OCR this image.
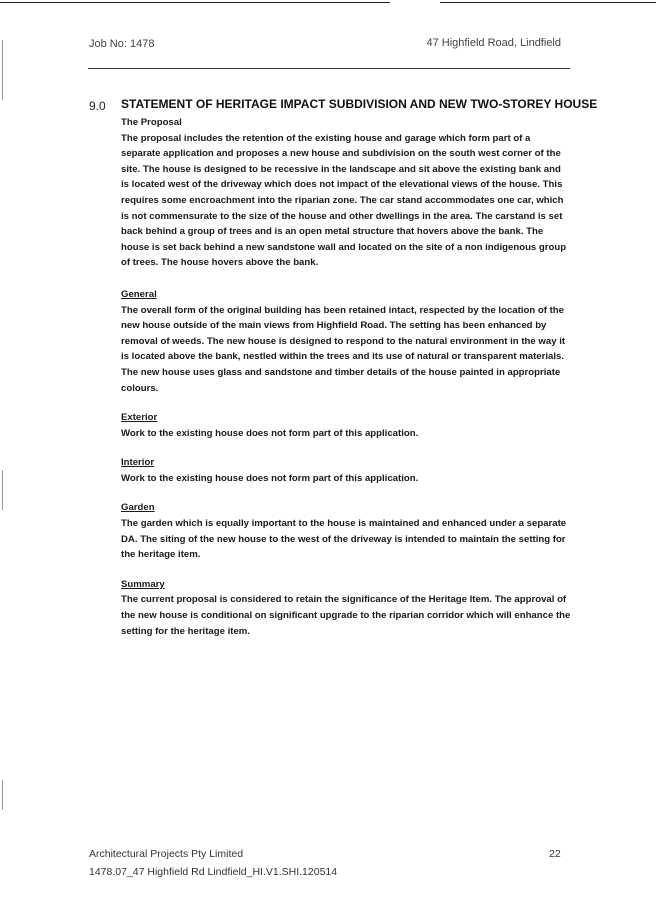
Job No: 1478	47 Highfield Road, Lindfield
9.0 STATEMENT OF HERITAGE IMPACT SUBDIVISION AND NEW TWO-STOREY HOUSE
The Proposal
The proposal includes the retention of the existing house and garage which form part of a separate application and proposes a new house and subdivision on the south west corner of the site. The house is designed to be recessive in the landscape and sit above the existing bank and is located west of the driveway which does not impact of the elevational views of the house. This requires some encroachment into the riparian zone. The car stand accommodates one car, which is not commensurate to the size of the house and other dwellings in the area. The carstand is set back behind a group of trees and is an open metal structure that hovers above the bank. The house is set back behind a new sandstone wall and located on the site of a non indigenous group of trees. The house hovers above the bank.
General
The overall form of the original building has been retained intact, respected by the location of the new house outside of the main views from Highfield Road. The setting has been enhanced by removal of weeds. The new house is designed to respond to the natural environment in the way it is located above the bank, nestled within the trees and its use of natural or transparent materials. The new house uses glass and sandstone and timber details of the house painted in appropriate colours.
Exterior
Work to the existing house does not form part of this application.
Interior
Work to the existing house does not form part of this application.
Garden
The garden which is equally important to the house is maintained and enhanced under a separate DA. The siting of the new house to the west of the driveway is intended to maintain the setting for the heritage item.
Summary
The current proposal is considered to retain the significance of the Heritage Item. The approval of the new house is conditional on significant upgrade to the riparian corridor which will enhance the setting for the heritage item.
Architectural Projects Pty Limited
1478.07_47 Highfield Rd Lindfield_HI.V1.SHI.120514
22
